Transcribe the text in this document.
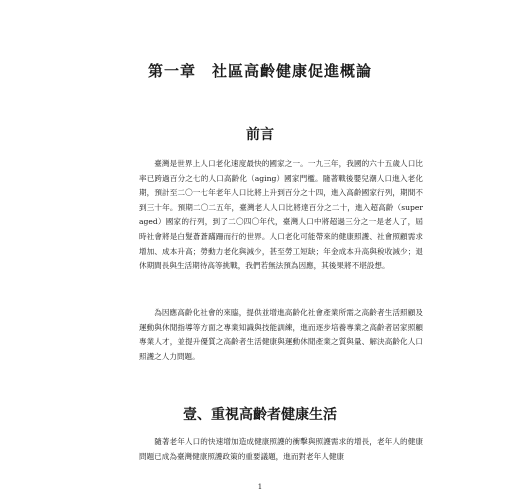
第一章　社區高齡健康促進概論
前言

臺灣是世界上人口老化速度最快的國家之一。一九三年，我國的六十五歲人口比率已跨過百分之七的人口高齡化（aging）國家門檻。隨著戰後嬰兒潮人口進入老化期，預計至二〇一七年老年人口比將上升到百分之十四，進入高齡國家行列，期間不到三十年。預期二〇二五年，臺灣老人人口比將達百分之二十，進入超高齡（super aged）國家的行列，到了二〇四〇年代，臺灣人口中將超過三分之一是老人了，屆時社會將是白髮蒼蒼蹣跚而行的世界。人口老化可能帶來的健康照護、社會照顧需求增加、成本升高；勞動力老化與減少，甚至勞工短缺；年金成本升高與稅收減少；退休期間長與生活期待高等挑戰，我們若無法預為因應，其後果將不堪設想。

為因應高齡化社會的來臨，提供並增進高齡化社會產業所需之高齡者生活照顧及運動與休閒指導等方面之專業知識與技能訓練，進而逐步培養專業之高齡者居家照顧專業人才，並提升優質之高齡者生活健康與運動休閒產業之質與量、解決高齡化人口照護之人力問題。

壹、重視高齡者健康生活

隨著老年人口的快速增加造成健康照護的衝擊與照護需求的增長，老年人的健康問題已成為臺灣健康照護政策的重要議題，進而對老年人健康

1
